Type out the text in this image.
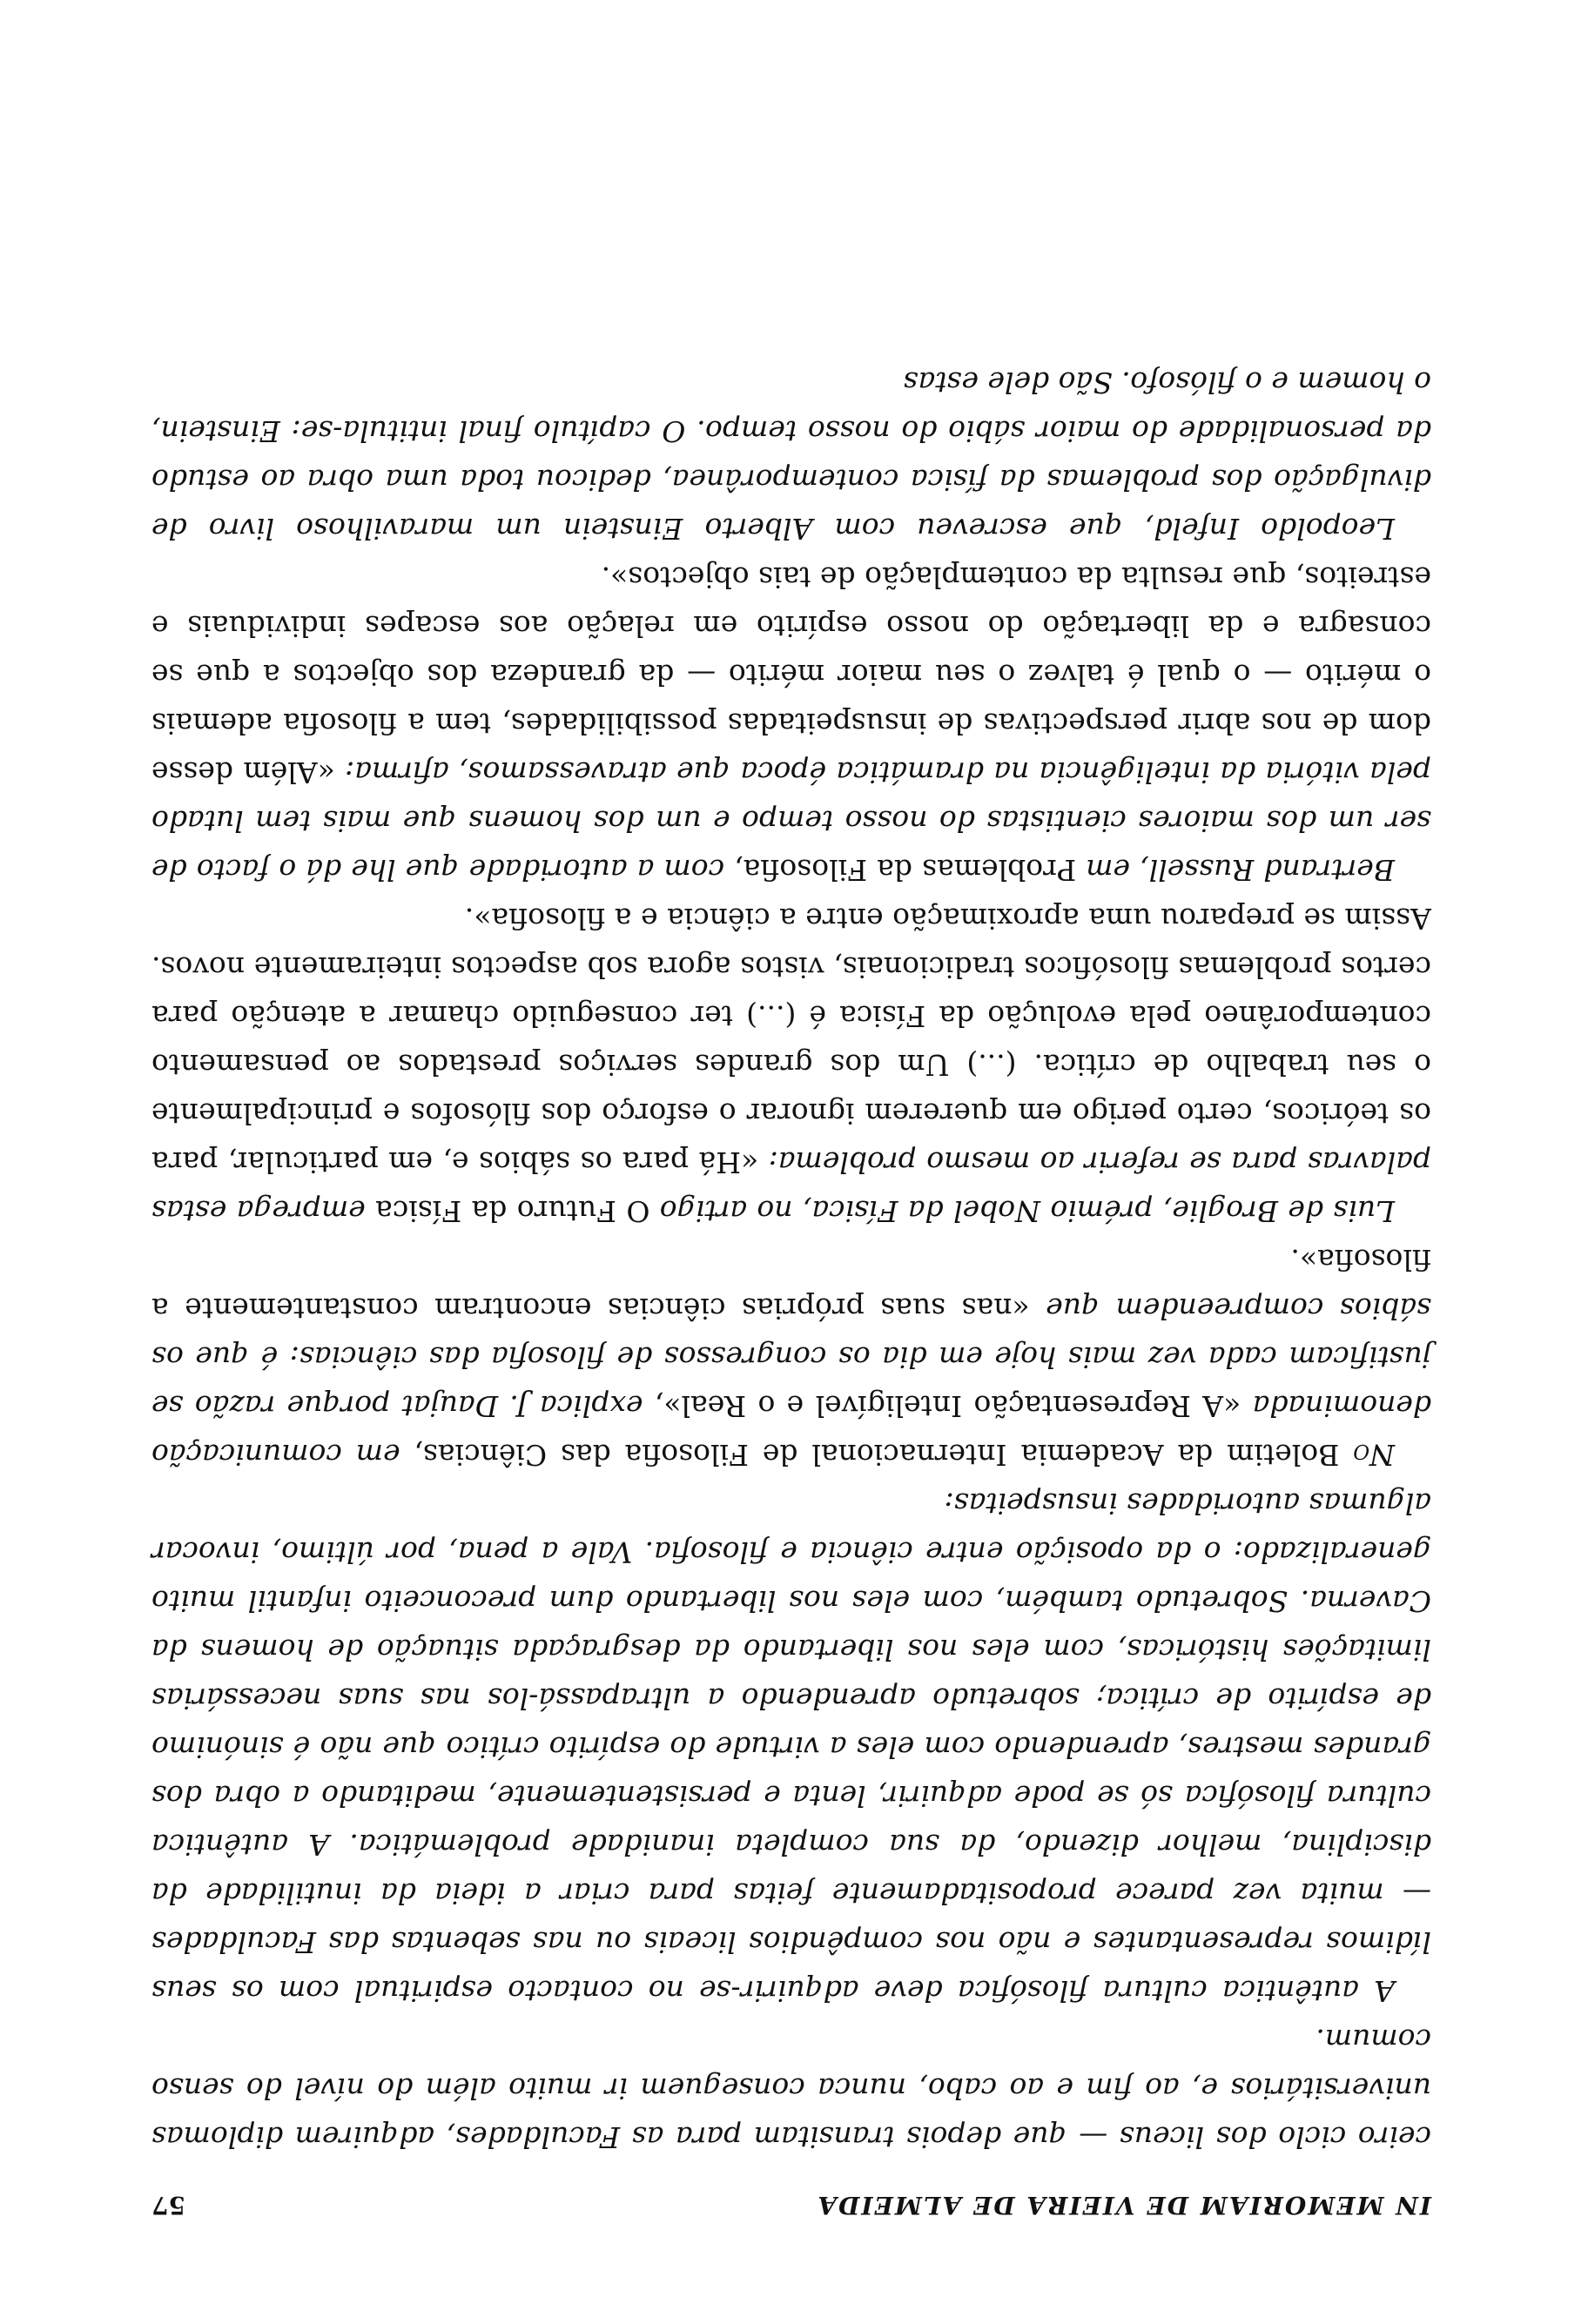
IN MEMORIAM DE VIEIRA DE ALMEIDA
57

ceiro ciclo dos liceus — que depois transitam para as Faculdades, adquirem diplomas universitários e, ao fim e ao cabo, nunca conseguem ir muito além do nível do senso comum.

A autêntica cultura filosófica deve adquirir-se no contacto espiritual com os seus lídimos representantes e não nos compêndios liceais ou nas sebentas das Faculdades — muita vez parece propositadamente feitas para criar a ideia da inutilidade da disciplina, melhor dizendo, da sua completa inanidade problemática. A autêntica cultura filosófica só se pode adquirir, lenta e persistentemente, meditando a obra dos grandes mestres, aprendendo com eles a virtude do espírito crítico que não é sinónimo de espírito de crítica; sobretudo aprendendo a ultrapassá-los nas suas necessárias limitações históricas, com eles nos libertando da desgraçada situação de homens da Caverna. Sobretudo também, com eles nos libertando dum preconceito infantil muito generalizado: o da oposição entre ciência e filosofia. Vale a pena, por último, invocar algumas autoridades insuspeitas:

No Boletim da Academia Internacional de Filosofia das Ciências, em comunicação denominada «A Representação Inteligível e o Real», explica J. Daujat porque razão se justificam cada vez mais hoje em dia os congressos de filosofia das ciências: é que os sábios compreendem que «nas suas próprias ciências encontram constantemente a filosofia».

Luis de Broglie, prémio Nobel da Física, no artigo O Futuro da Física emprega estas palavras para se referir ao mesmo problema: «Há para os sábios e, em particular, para os teóricos, certo perigo em quererem ignorar o esforço dos filósofos e principalmente o seu trabalho de crítica. (...) Um dos grandes serviços prestados ao pensamento contemporâneo pela evolução da Física é (...) ter conseguido chamar a atenção para certos problemas filosóficos tradicionais, vistos agora sob aspectos inteiramente novos. Assim se preparou uma aproximação entre a ciência e a filosofia».

Bertrand Russell, em Problemas da Filosofia, com a autoridade que lhe dá o facto de ser um dos maiores cientistas do nosso tempo e um dos homens que mais tem lutado pela vitória da inteligência na dramática época que atravessamos, afirma: «Além desse dom de nos abrir perspectivas de insuspeitadas possibilidades, tem a filosofia ademais o mérito — o qual é talvez o seu maior mérito — da grandeza dos objectos a que se consagra e da libertação do nosso espírito em relação aos escapes individuais e estreitos, que resulta da contemplação de tais objectos».

Leopoldo Infeld, que escreveu com Alberto Einstein um maravilhoso livro de divulgação dos problemas da física contemporânea, dedicou toda uma obra ao estudo da personalidade do maior sábio do nosso tempo. O capítulo final intitula-se: Einstein, o homem e o filósofo. São dele estas
